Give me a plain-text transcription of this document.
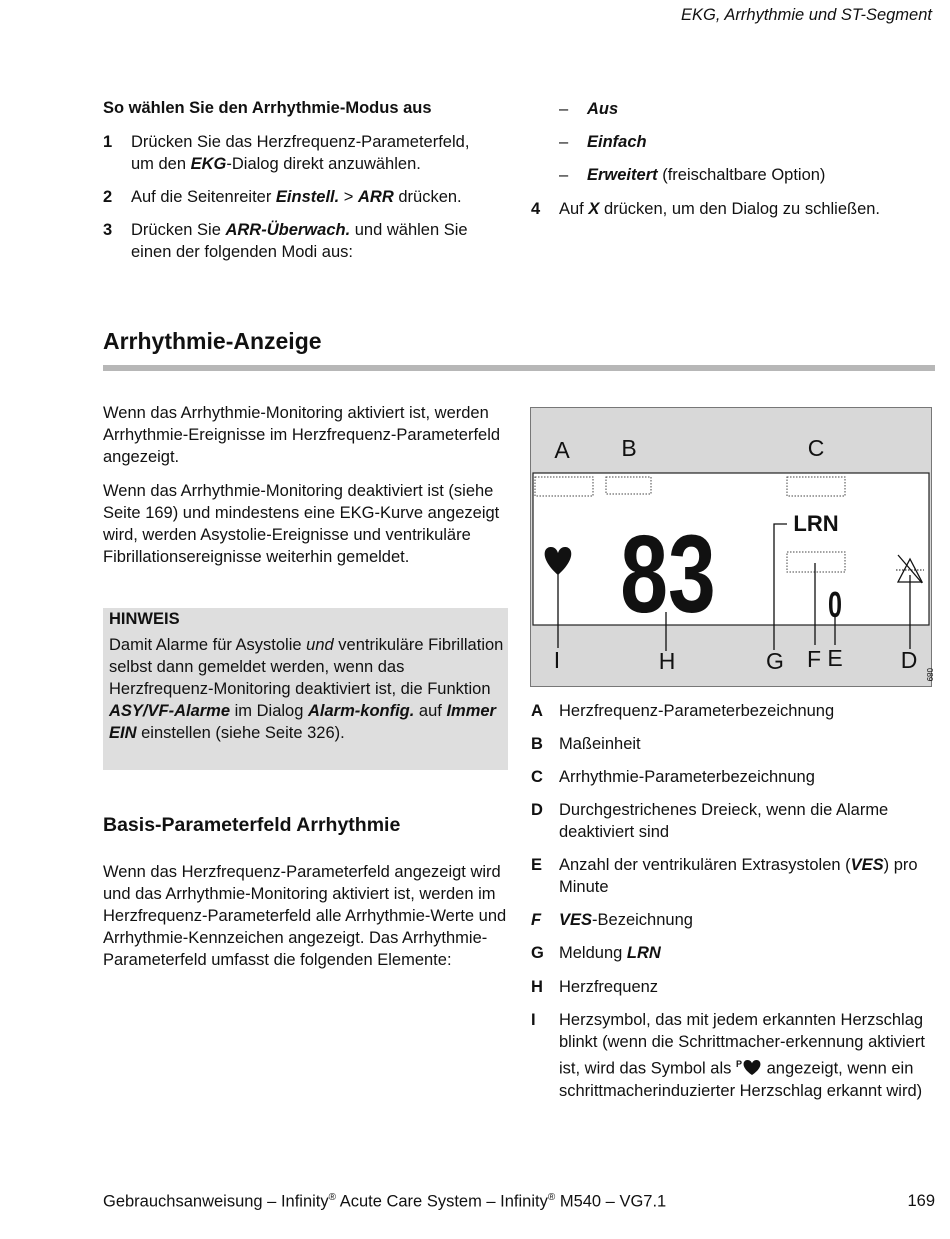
EKG, Arrhythmie und ST-Segment
So wählen Sie den Arrhythmie-Modus aus
1 Drücken Sie das Herzfrequenz-Parameterfeld,
um den EKG-Dialog direkt anzuwählen.
2 Auf die Seitenreiter Einstell. > ARR drücken.
3 Drücken Sie ARR-Überwach. und wählen Sie
einen der folgenden Modi aus:
– Aus
– Einfach
– Erweitert (freischaltbare Option)
4 Auf X drücken, um den Dialog zu schließen.
Arrhythmie-Anzeige
Wenn das Arrhythmie-Monitoring aktiviert ist, werden Arrhythmie-Ereignisse im Herzfrequenz-Parameterfeld angezeigt.
Wenn das Arrhythmie-Monitoring deaktiviert ist (siehe Seite 169) und mindestens eine EKG-Kurve angezeigt wird, werden Asystolie-Ereignisse und ventrikuläre Fibrillationsereignisse weiterhin gemeldet.
HINWEIS
Damit Alarme für Asystolie und ventrikuläre Fibrillation selbst dann gemeldet werden, wenn das Herzfrequenz-Monitoring deaktiviert ist, die Funktion ASY/VF-Alarme im Dialog Alarm-konfig. auf Immer EIN einstellen (siehe Seite 326).
Basis-Parameterfeld Arrhythmie
Wenn das Herzfrequenz-Parameterfeld angezeigt wird und das Arrhythmie-Monitoring aktiviert ist, werden im Herzfrequenz-Parameterfeld alle Arrhythmie-Werte und Arrhythmie-Kennzeichen angezeigt. Das Arrhythmie-Parameterfeld umfasst die folgenden Elemente:
83	LRN
0
A B	C
I	H	G F E	D
089
A Herzfrequenz-Parameterbezeichnung
B Maßeinheit
C Arrhythmie-Parameterbezeichnung
D Durchgestrichenes Dreieck, wenn die Alarme deaktiviert sind
E Anzahl der ventrikulären Extrasystolen (VES) pro Minute
F VES-Bezeichnung
G Meldung LRN
H Herzfrequenz
I Herzsymbol, das mit jedem erkannten Herzschlag blinkt (wenn die Schrittmacher-erkennung aktiviert ist, wird das Symbol als $^P$ angezeigt, wenn ein schrittmacherinduzierter Herzschlag erkannt wird)
Gebrauchsanweisung – Infinity® Acute Care System – Infinity® M540 – VG7.1	169
